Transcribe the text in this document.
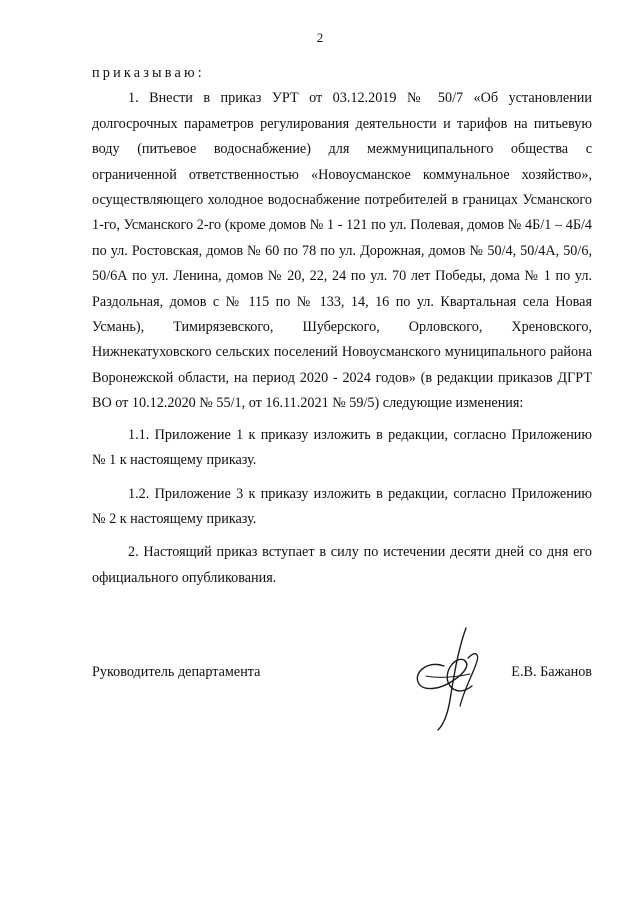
2

приказываю:

1. Внести в приказ УРТ от 03.12.2019 № 50/7 «Об установлении долгосрочных параметров регулирования деятельности и тарифов на питьевую воду (питьевое водоснабжение) для межмуниципального общества с ограниченной ответственностью «Новоусманское коммунальное хозяйство», осуществляющего холодное водоснабжение потребителей в границах Усманского 1-го, Усманского 2-го (кроме домов № 1 - 121 по ул. Полевая, домов № 4Б/1 – 4Б/4 по ул. Ростовская, домов № 60 по 78 по ул. Дорожная, домов № 50/4, 50/4А, 50/6, 50/6А по ул. Ленина, домов № 20, 22, 24 по ул. 70 лет Победы, дома № 1 по ул. Раздольная, домов с № 115 по № 133, 14, 16 по ул. Квартальная села Новая Усмань), Тимирязевского, Шуберского, Орловского, Хреновского, Нижнекатуховского сельских поселений Новоусманского муниципального района Воронежской области, на период 2020 - 2024 годов» (в редакции приказов ДГРТ ВО от 10.12.2020 № 55/1, от 16.11.2021 № 59/5) следующие изменения:

1.1. Приложение 1 к приказу изложить в редакции, согласно Приложению № 1 к настоящему приказу.

1.2. Приложение 3 к приказу изложить в редакции, согласно Приложению № 2 к настоящему приказу.

2. Настоящий приказ вступает в силу по истечении десяти дней со дня его официального опубликования.

Руководитель департамента	Е.В. Бажанов
